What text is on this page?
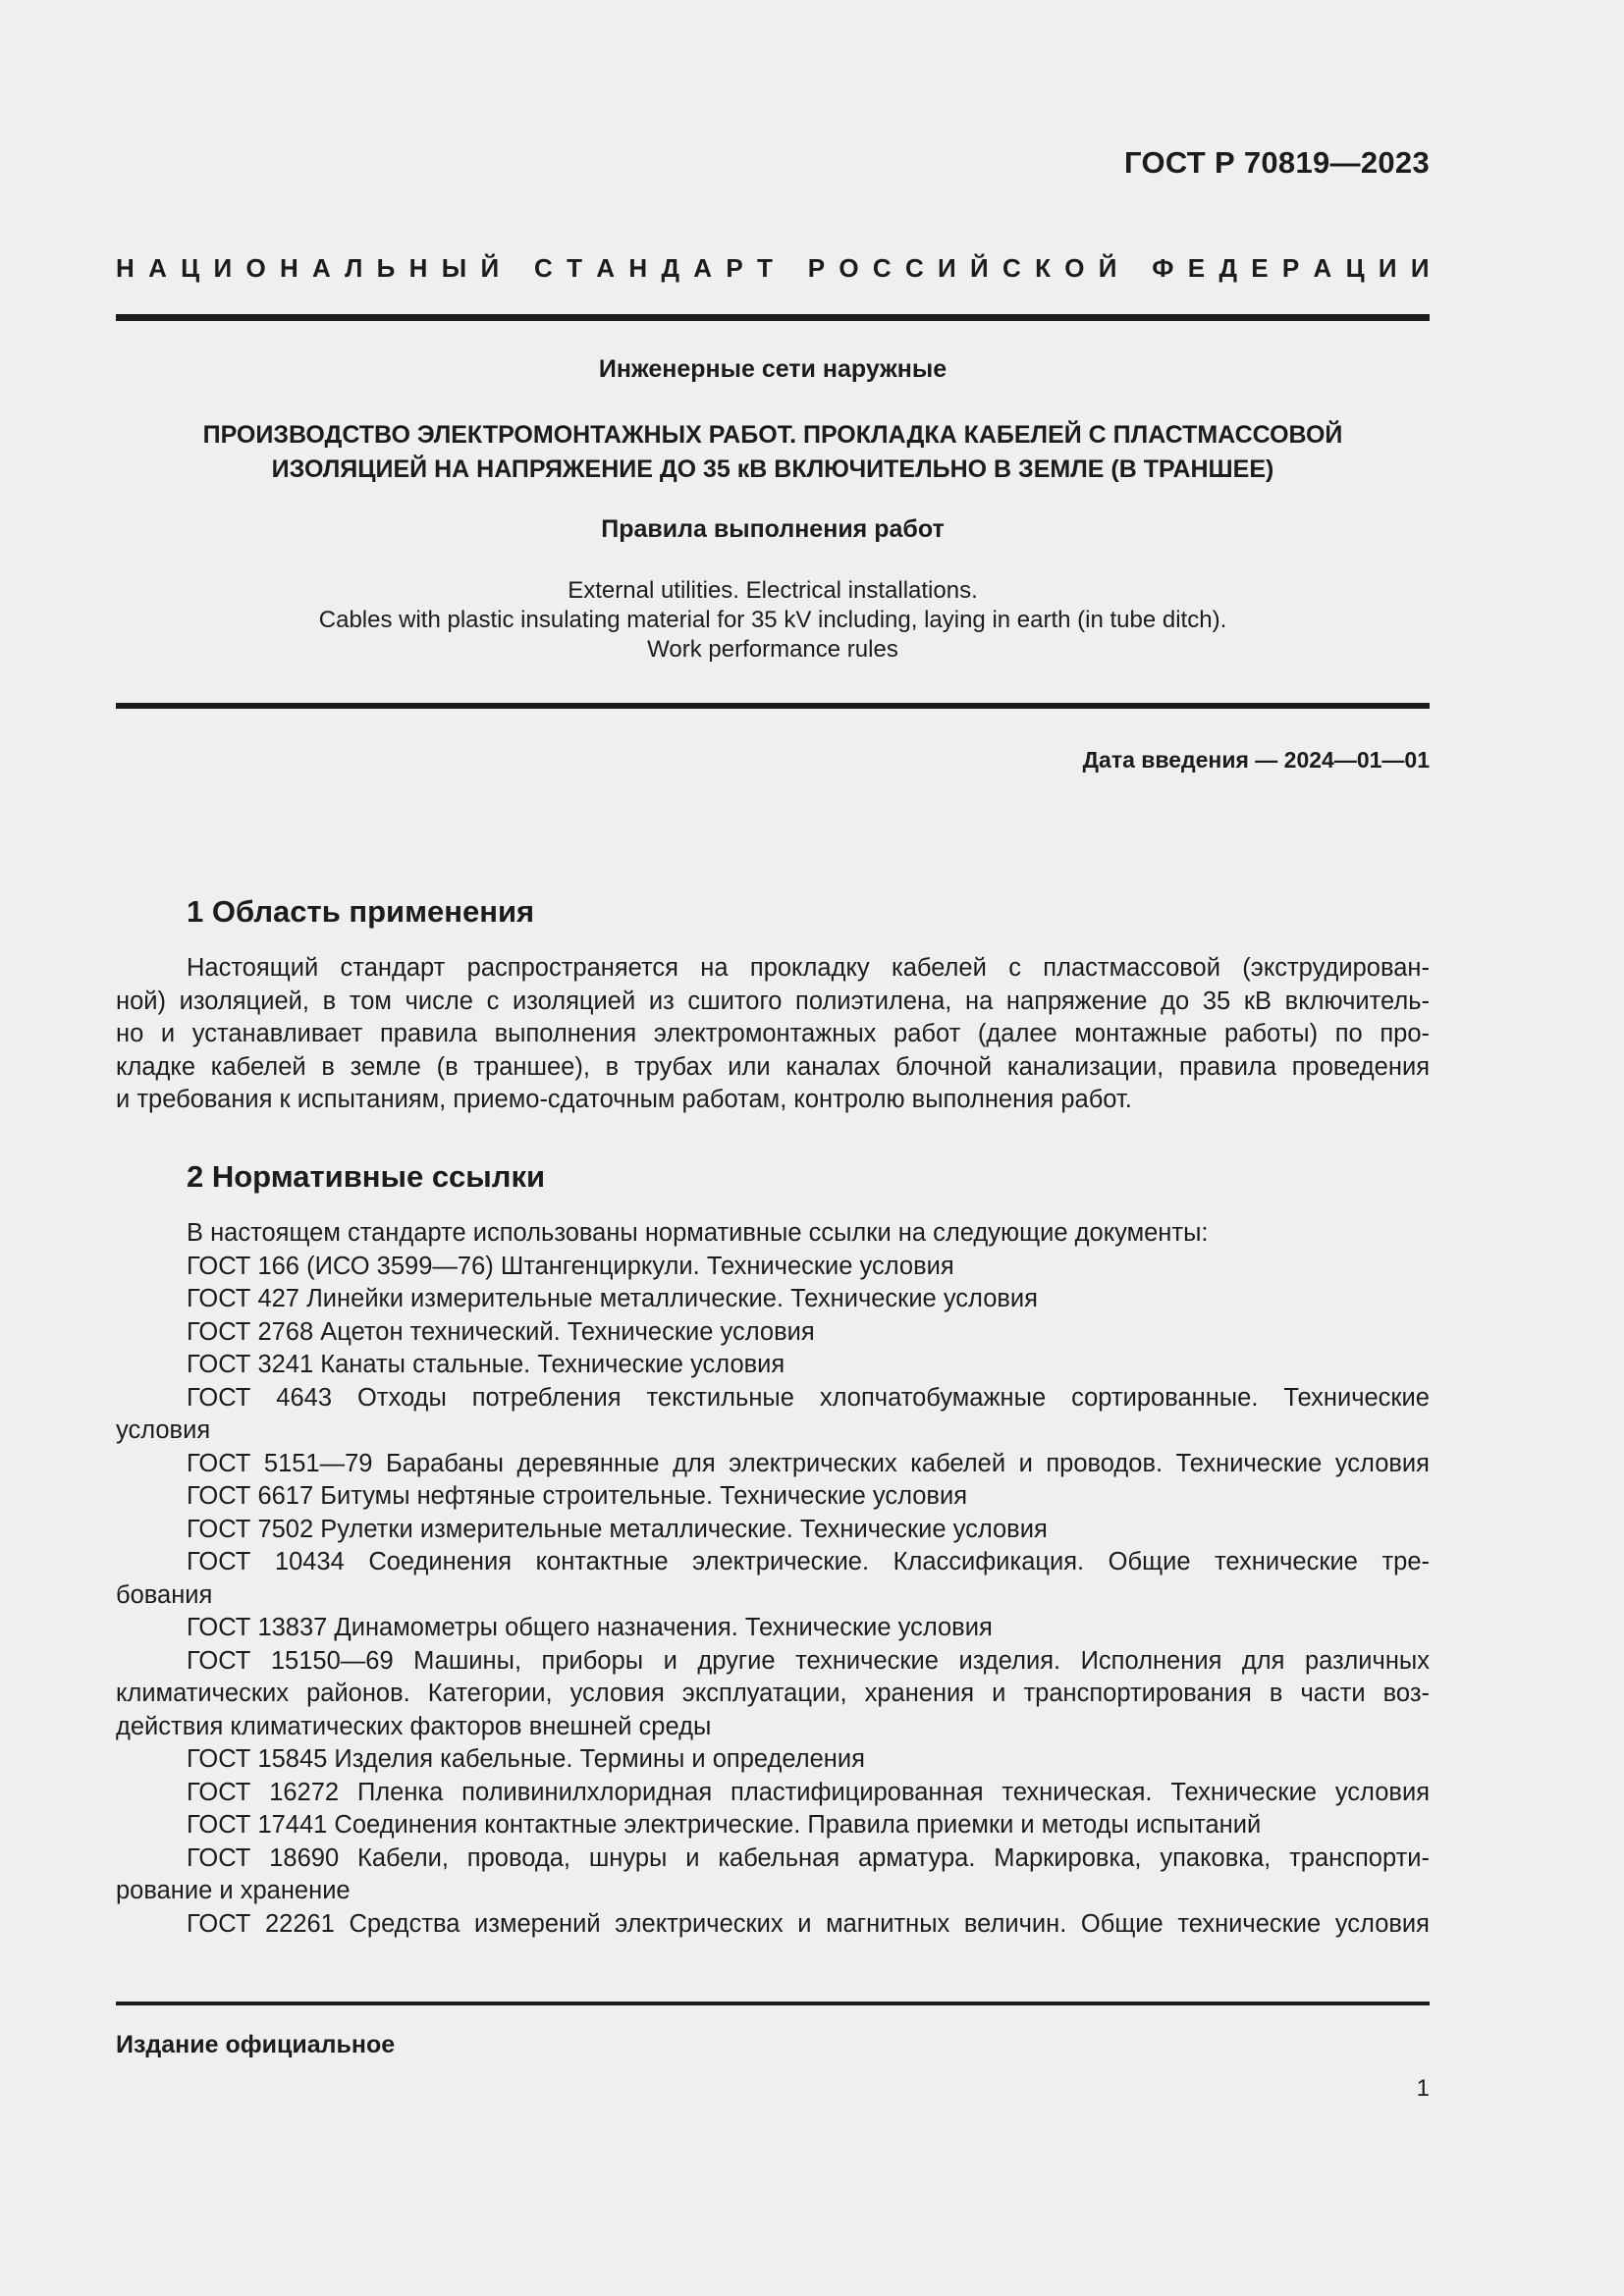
ГОСТ Р 70819—2023
Н А Ц И О Н А Л Ь Н Ы Й
С Т А Н Д А Р Т
Р О С С И Й С К О Й
Ф Е Д Е Р А Ц И И
Инженерные сети наружные
ПРОИЗВОДСТВО ЭЛЕКТРОМОНТАЖНЫХ РАБОТ. ПРОКЛАДКА КАБЕЛЕЙ С ПЛАСТМАССОВОЙ
ИЗОЛЯЦИЕЙ НА НАПРЯЖЕНИЕ ДО 35 кВ ВКЛЮЧИТЕЛЬНО В ЗЕМЛЕ (В ТРАНШЕЕ)
Правила выполнения работ
External utilities. Electrical installations.
Cables with plastic insulating material for 35 kV including, laying in earth (in tube ditch).
Work performance rules
Дата введения — 2024—01—01
1 Область применения
Настоящий стандарт распространяется на прокладку кабелей с пластмассовой (экструдирован-
ной) изоляцией, в том числе с изоляцией из сшитого полиэтилена, на напряжение до 35 кВ включитель-
но и устанавливает правила выполнения электромонтажных работ (далее монтажные работы) по про-
кладке кабелей в земле (в траншее), в трубах или каналах блочной канализации, правила проведения
и требования к испытаниям, приемо-сдаточным работам, контролю выполнения работ.
2 Нормативные ссылки
В настоящем стандарте использованы нормативные ссылки на следующие документы:
ГОСТ 166 (ИСО 3599—76) Штангенциркули. Технические условия
ГОСТ 427 Линейки измерительные металлические. Технические условия
ГОСТ 2768 Ацетон технический. Технические условия
ГОСТ 3241 Канаты стальные. Технические условия
ГОСТ 4643 Отходы потребления текстильные хлопчатобумажные сортированные. Технические
условия
ГОСТ 5151—79 Барабаны деревянные для электрических кабелей и проводов. Технические условия
ГОСТ 6617 Битумы нефтяные строительные. Технические условия
ГОСТ 7502 Рулетки измерительные металлические. Технические условия
ГОСТ 10434 Соединения контактные электрические. Классификация. Общие технические тре-
бования
ГОСТ 13837 Динамометры общего назначения. Технические условия
ГОСТ 15150—69 Машины, приборы и другие технические изделия. Исполнения для различных
климатических районов. Категории, условия эксплуатации, хранения и транспортирования в части воз-
действия климатических факторов внешней среды
ГОСТ 15845 Изделия кабельные. Термины и определения
ГОСТ 16272 Пленка поливинилхлоридная пластифицированная техническая. Технические условия
ГОСТ 17441 Соединения контактные электрические. Правила приемки и методы испытаний
ГОСТ 18690 Кабели, провода, шнуры и кабельная арматура. Маркировка, упаковка, транспорти-
рование и хранение
ГОСТ 22261 Средства измерений электрических и магнитных величин. Общие технические условия
Издание официальное
1
